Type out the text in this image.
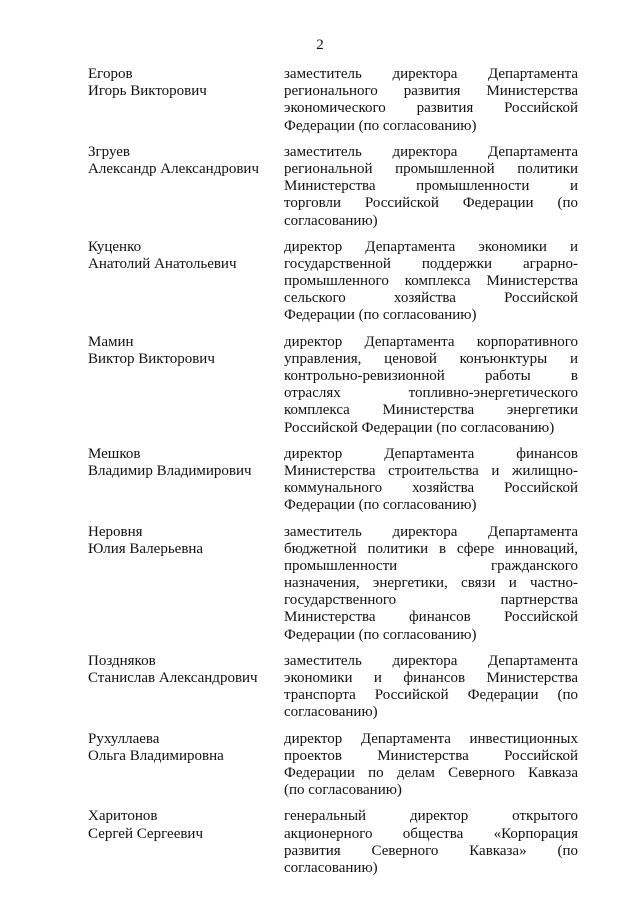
2
Егоров
Игорь Викторович
заместитель директора Департамента
регионального развития Министерства
экономического развития Российской
Федерации (по согласованию)
Згруев
Александр Александрович
заместитель директора Департамента
региональной промышленной политики
Министерства промышленности и
торговли Российской Федерации (по
согласованию)
Куценко
Анатолий Анатольевич
директор Департамента экономики и
государственной поддержки аграрно-
промышленного комплекса Министерства
сельского хозяйства Российской
Федерации (по согласованию)
Мамин
Виктор Викторович
директор Департамента корпоративного
управления, ценовой конъюнктуры и
контрольно-ревизионной работы в
отраслях топливно-энергетического
комплекса Министерства энергетики
Российской Федерации (по согласованию)
Мешков
Владимир Владимирович
директор Департамента финансов
Министерства строительства и жилищно-
коммунального хозяйства Российской
Федерации (по согласованию)
Неровня
Юлия Валерьевна
заместитель директора Департамента
бюджетной политики в сфере инноваций,
промышленности гражданского
назначения, энергетики, связи и частно-
государственного партнерства
Министерства финансов Российской
Федерации (по согласованию)
Поздняков
Станислав Александрович
заместитель директора Департамента
экономики и финансов Министерства
транспорта Российской Федерации (по
согласованию)
Рухуллаева
Ольга Владимировна
директор Департамента инвестиционных
проектов Министерства Российской
Федерации по делам Северного Кавказа
(по согласованию)
Харитонов
Сергей Сергеевич
генеральный директор открытого
акционерного общества «Корпорация
развития Северного Кавказа» (по
согласованию)
